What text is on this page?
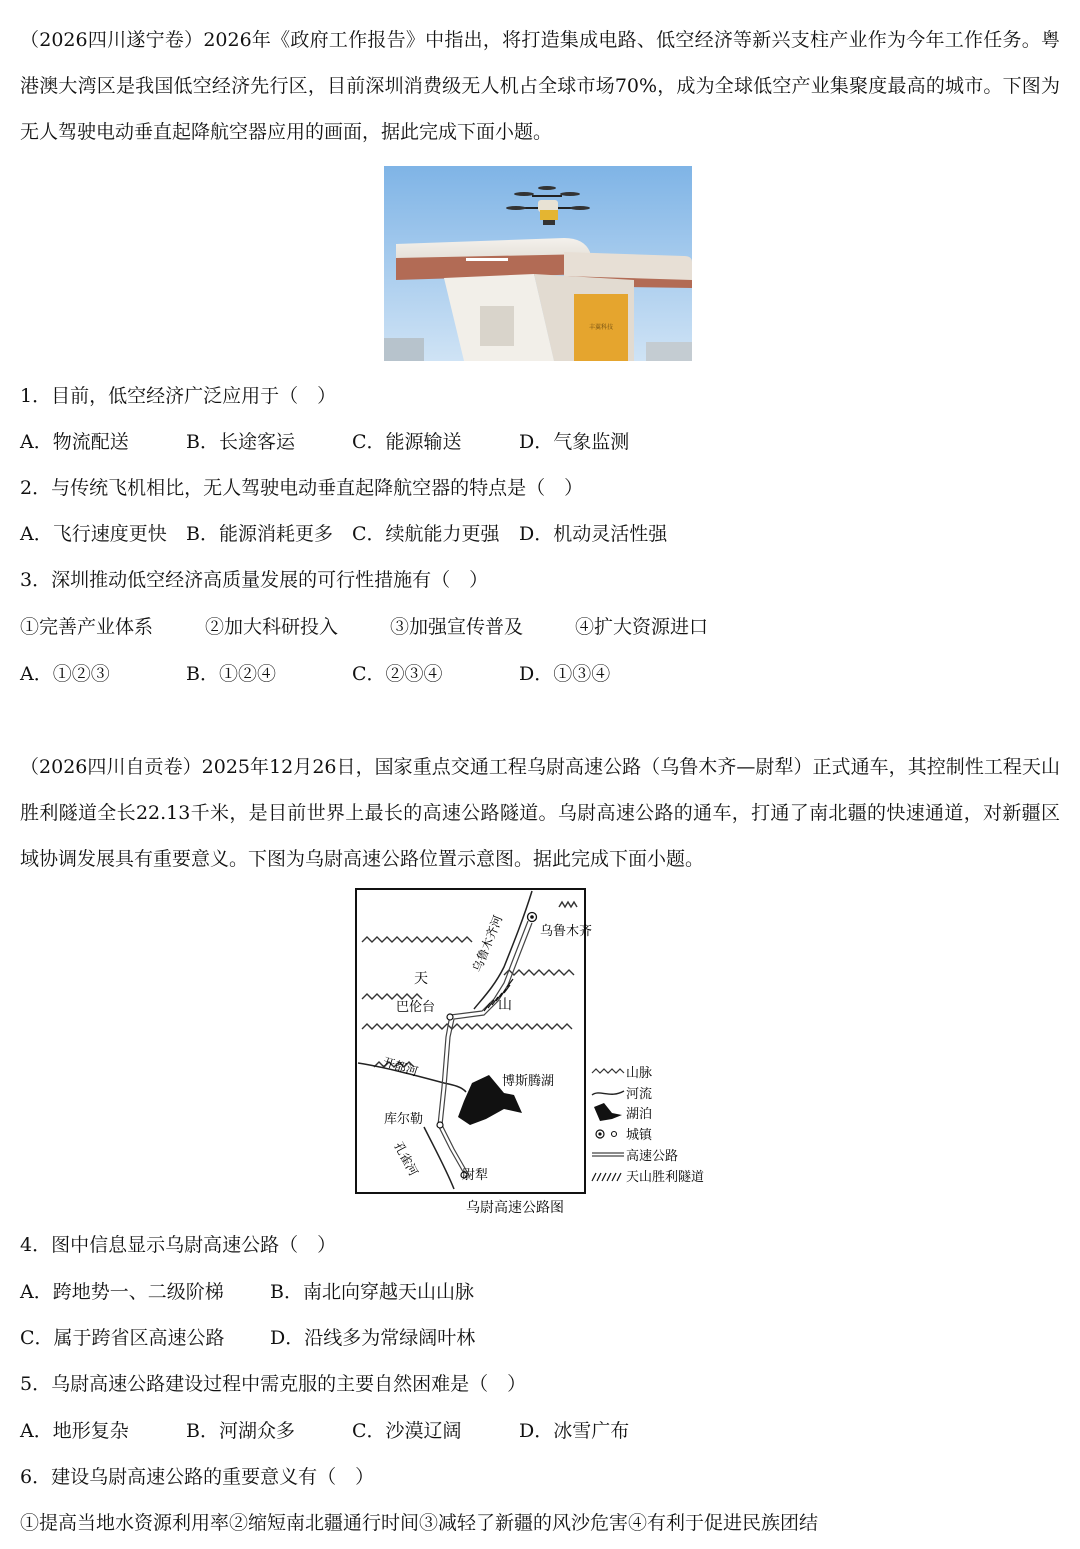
（2026四川遂宁卷）2026年《政府工作报告》中指出，将打造集成电路、低空经济等新兴支柱产业作为今年工作任务。粤港澳大湾区是我国低空经济先行区，目前深圳消费级无人机占全球市场70%，成为全球低空产业集聚度最高的城市。下图为无人驾驶电动垂直起降航空器应用的画面，据此完成下面小题。
丰翼科技
1．目前，低空经济广泛应用于（　）
A．物流配送	B．长途客运	C．能源输送	D．气象监测
2．与传统飞机相比，无人驾驶电动垂直起降航空器的特点是（　）
A．飞行速度更快 B．能源消耗更多 C．续航能力更强 D．机动灵活性强
3．深圳推动低空经济高质量发展的可行性措施有（　）
①完善产业体系	②加大科研投入	③加强宣传普及	④扩大资源进口
A．①②③	B．①②④	C．②③④	D．①③④
（2026四川自贡卷）2025年12月26日，国家重点交通工程乌尉高速公路（乌鲁木齐—尉犁）正式通车，其控制性工程天山胜利隧道全长22.13千米，是目前世界上最长的高速公路隧道。乌尉高速公路的通车，打通了南北疆的快速通道，对新疆区域协调发展具有重要意义。下图为乌尉高速公路位置示意图。据此完成下面小题。
乌鲁木齐
乌鲁木齐河
天
山
巴伦台
开都河
博斯腾湖
库尔勒
孔雀河	尉犁
山脉
河流
湖泊
城镇
高速公路
天山胜利隧道
乌尉高速公路图
4．图中信息显示乌尉高速公路（　）
A．跨地势一、二级阶梯 B．南北向穿越天山山脉
C．属于跨省区高速公路 D．沿线多为常绿阔叶林
5．乌尉高速公路建设过程中需克服的主要自然困难是（　）
A．地形复杂	B．河湖众多	C．沙漠辽阔	D．冰雪广布
6．建设乌尉高速公路的重要意义有（　）
①提高当地水资源利用率②缩短南北疆通行时间③减轻了新疆的风沙危害④有利于促进民族团结
